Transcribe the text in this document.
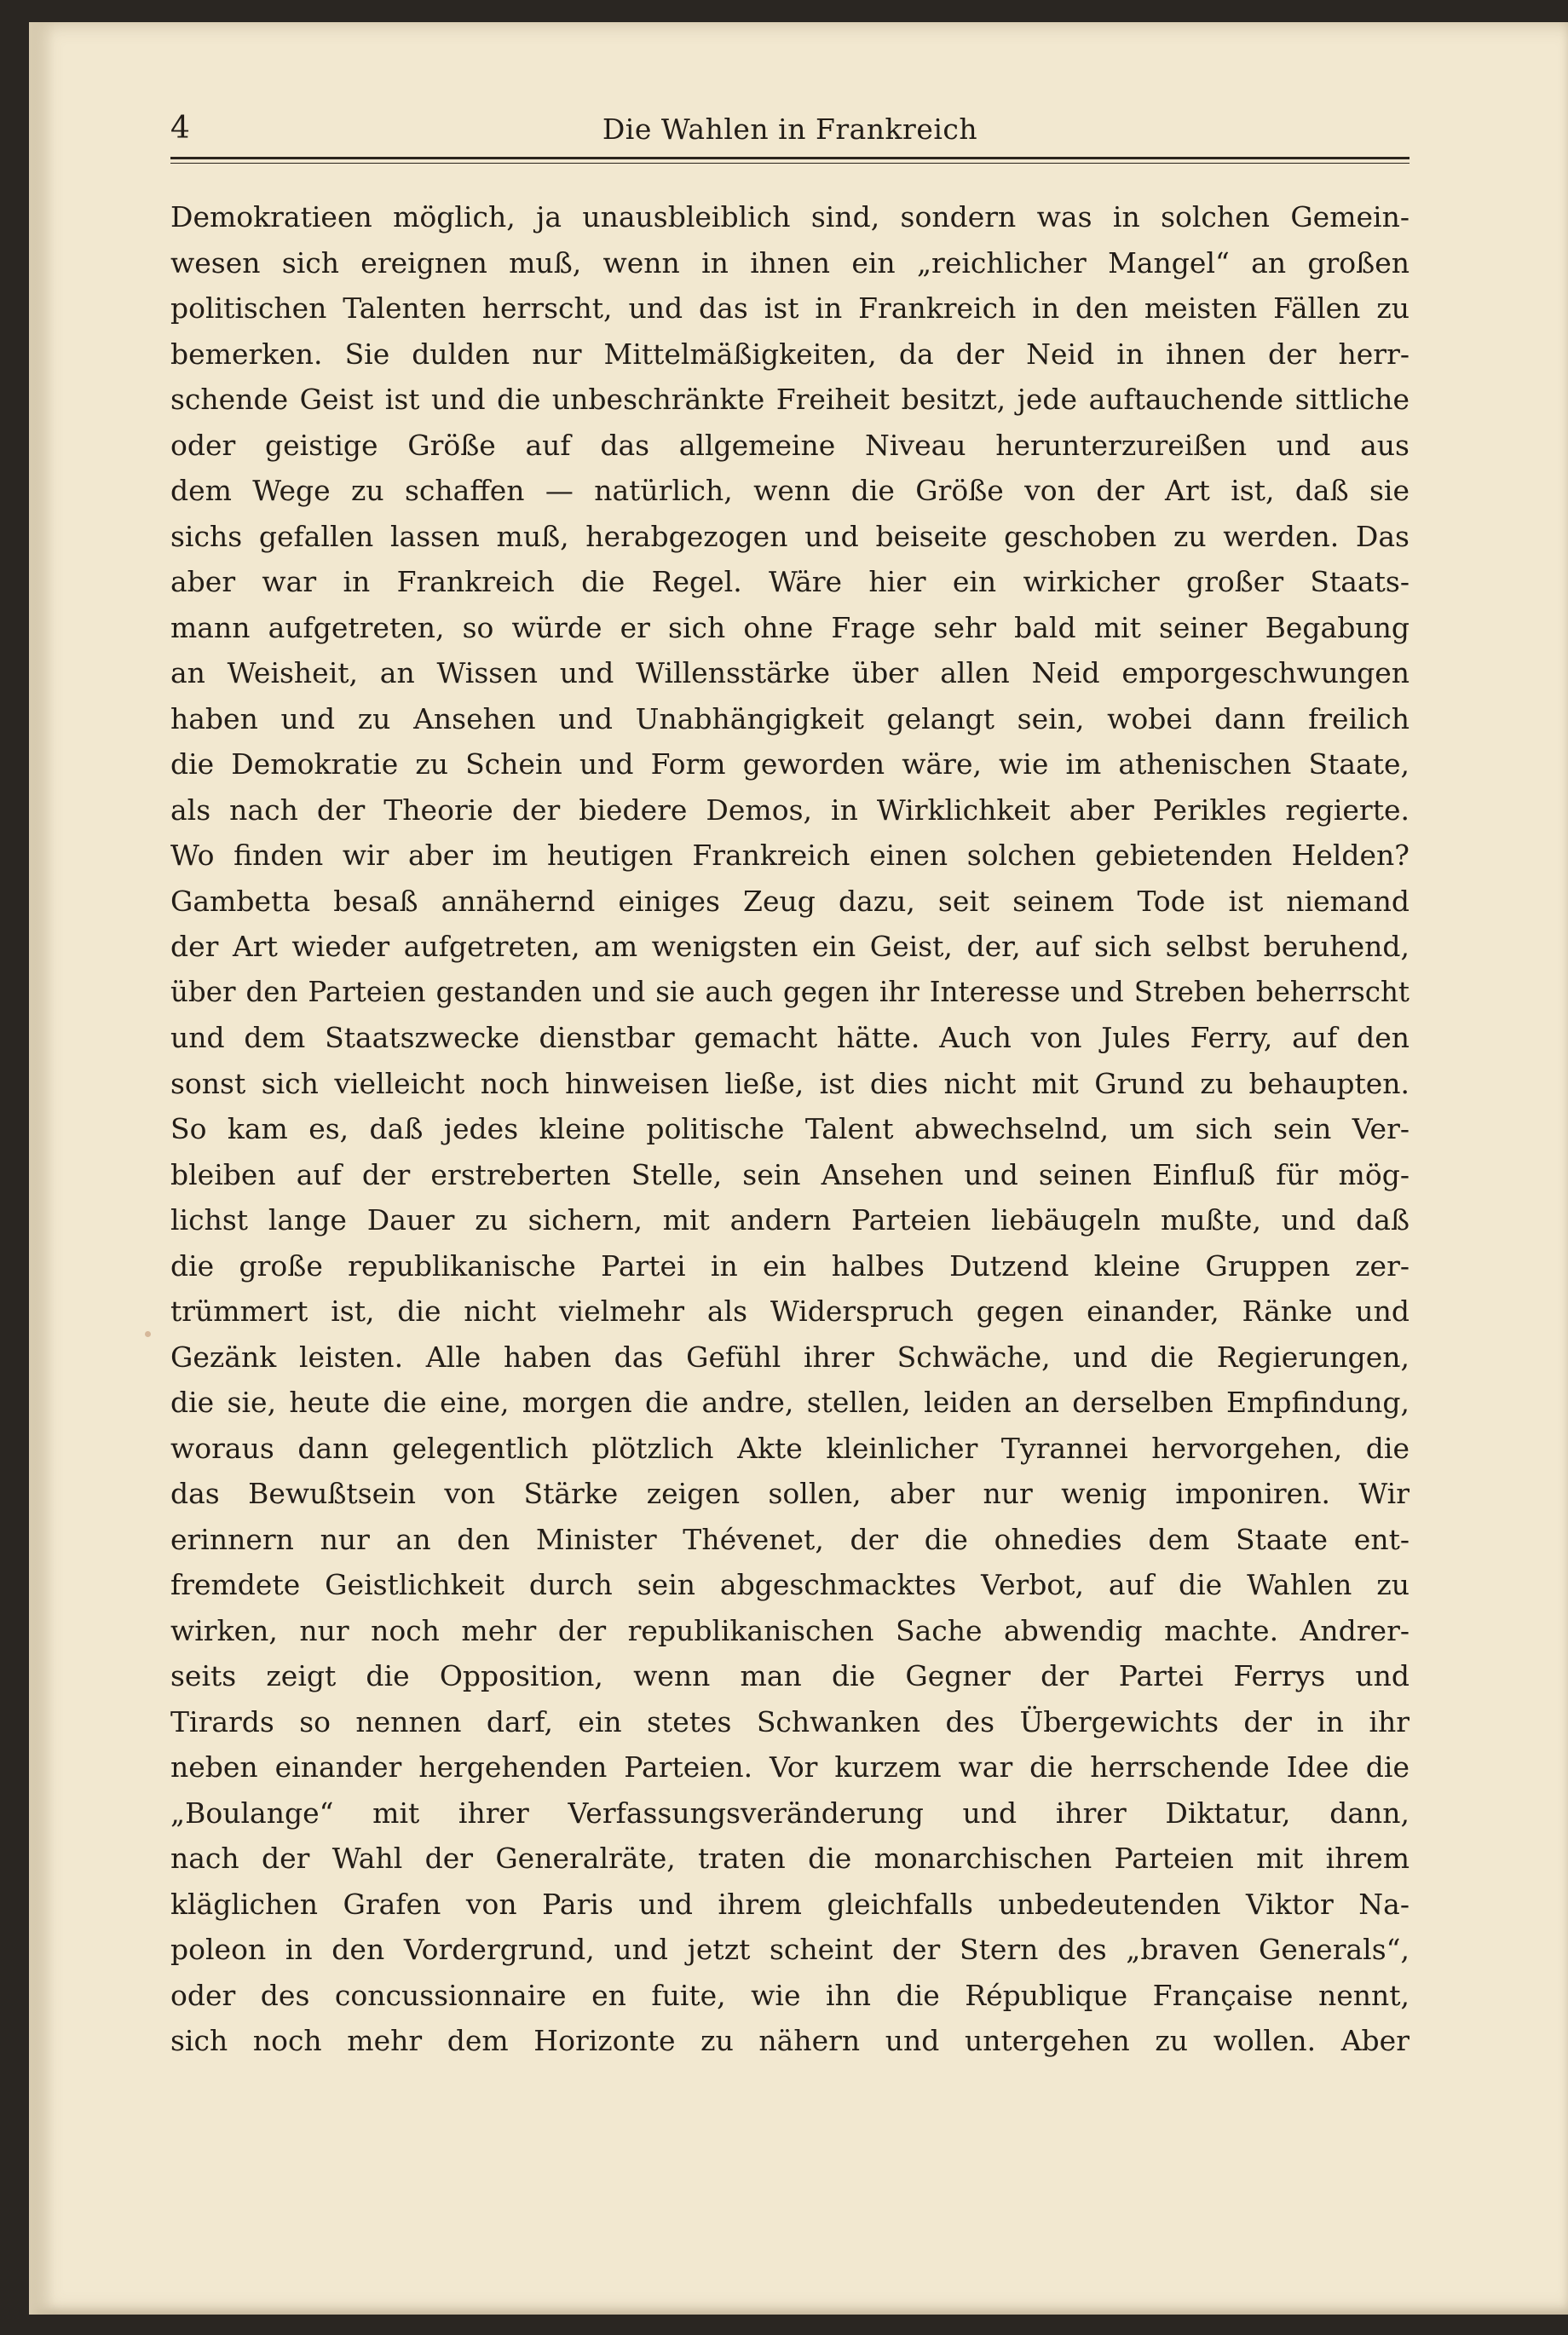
4	Die Wahlen in Frankreich
Demokratieen möglich, ja unausbleiblich sind, sondern was in solchen Gemein-
wesen sich ereignen muß, wenn in ihnen ein „reichlicher Mangel“ an großen
politischen Talenten herrscht, und das ist in Frankreich in den meisten Fällen zu
bemerken. Sie dulden nur Mittelmäßigkeiten, da der Neid in ihnen der herr-
schende Geist ist und die unbeschränkte Freiheit besitzt, jede auftauchende sittliche
oder geistige Größe auf das allgemeine Niveau herunterzureißen und aus
dem Wege zu schaffen — natürlich, wenn die Größe von der Art ist, daß sie
sichs gefallen lassen muß, herabgezogen und beiseite geschoben zu werden. Das
aber war in Frankreich die Regel. Wäre hier ein wirkicher großer Staats-
mann aufgetreten, so würde er sich ohne Frage sehr bald mit seiner Begabung
an Weisheit, an Wissen und Willensstärke über allen Neid emporgeschwungen
haben und zu Ansehen und Unabhängigkeit gelangt sein, wobei dann freilich
die Demokratie zu Schein und Form geworden wäre, wie im athenischen Staate,
als nach der Theorie der biedere Demos, in Wirklichkeit aber Perikles regierte.
Wo finden wir aber im heutigen Frankreich einen solchen gebietenden Helden?
Gambetta besaß annähernd einiges Zeug dazu, seit seinem Tode ist niemand
der Art wieder aufgetreten, am wenigsten ein Geist, der, auf sich selbst beruhend,
über den Parteien gestanden und sie auch gegen ihr Interesse und Streben beherrscht
und dem Staatszwecke dienstbar gemacht hätte. Auch von Jules Ferry, auf den
sonst sich vielleicht noch hinweisen ließe, ist dies nicht mit Grund zu behaupten.
So kam es, daß jedes kleine politische Talent abwechselnd, um sich sein Ver-
bleiben auf der erstreberten Stelle, sein Ansehen und seinen Einfluß für mög-
lichst lange Dauer zu sichern, mit andern Parteien liebäugeln mußte, und daß
die große republikanische Partei in ein halbes Dutzend kleine Gruppen zer-
trümmert ist, die nicht vielmehr als Widerspruch gegen einander, Ränke und
Gezänk leisten. Alle haben das Gefühl ihrer Schwäche, und die Regierungen,
die sie, heute die eine, morgen die andre, stellen, leiden an derselben Empfindung,
woraus dann gelegentlich plötzlich Akte kleinlicher Tyrannei hervorgehen, die
das Bewußtsein von Stärke zeigen sollen, aber nur wenig imponiren. Wir
erinnern nur an den Minister Thévenet, der die ohnedies dem Staate ent-
fremdete Geistlichkeit durch sein abgeschmacktes Verbot, auf die Wahlen zu
wirken, nur noch mehr der republikanischen Sache abwendig machte. Andrer-
seits zeigt die Opposition, wenn man die Gegner der Partei Ferrys und
Tirards so nennen darf, ein stetes Schwanken des Übergewichts der in ihr
neben einander hergehenden Parteien. Vor kurzem war die herrschende Idee die
„Boulange“ mit ihrer Verfassungsveränderung und ihrer Diktatur, dann,
nach der Wahl der Generalräte, traten die monarchischen Parteien mit ihrem
kläglichen Grafen von Paris und ihrem gleichfalls unbedeutenden Viktor Na-
poleon in den Vordergrund, und jetzt scheint der Stern des „braven Generals“,
oder des concussionnaire en fuite, wie ihn die République Française nennt,
sich noch mehr dem Horizonte zu nähern und untergehen zu wollen. Aber
